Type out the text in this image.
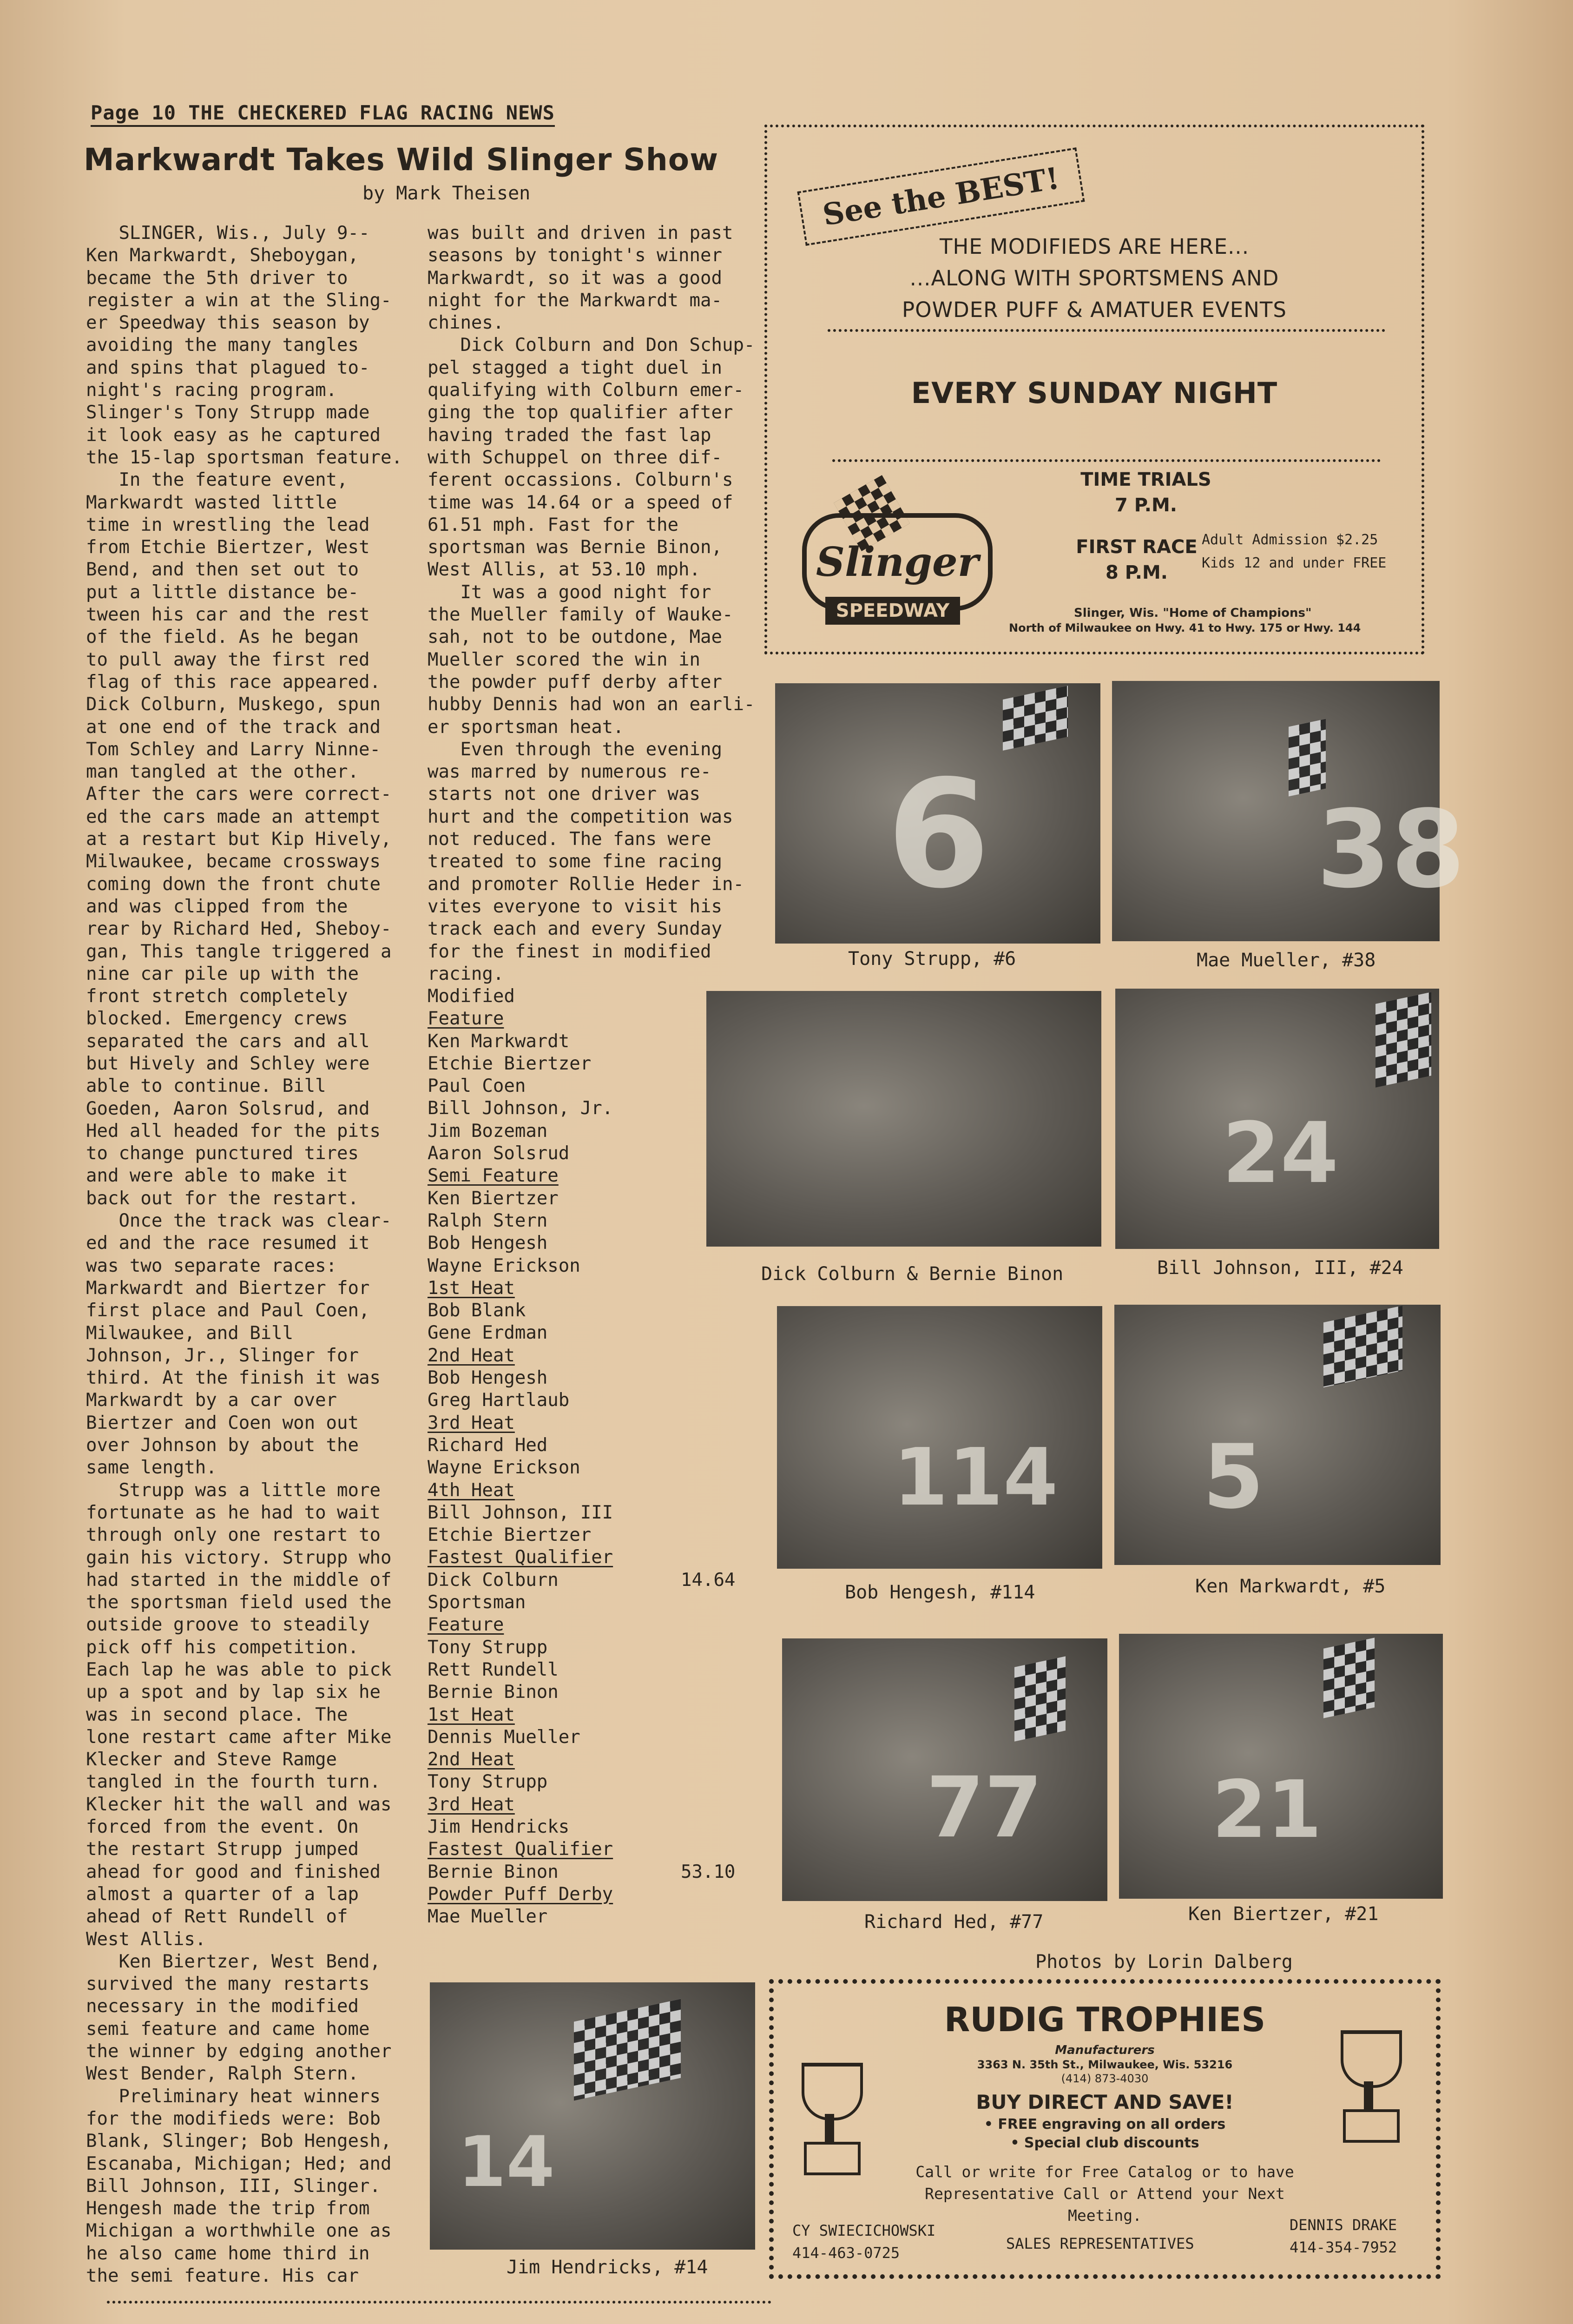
Page 10 THE CHECKERED FLAG RACING NEWS
Markwardt Takes Wild Slinger Show
by Mark Theisen
SLINGER, Wis., July 9--
Ken Markwardt, Sheboygan,
became the 5th driver to
register a win at the Sling-
er Speedway this season by
avoiding the many tangles
and spins that plagued to-
night's racing program.
Slinger's Tony Strupp made
it look easy as he captured
the 15-lap sportsman feature.
In the feature event,
Markwardt wasted little
time in wrestling the lead
from Etchie Biertzer, West
Bend, and then set out to
put a little distance be-
tween his car and the rest
of the field. As he began
to pull away the first red
flag of this race appeared.
Dick Colburn, Muskego, spun
at one end of the track and
Tom Schley and Larry Ninne-
man tangled at the other.
After the cars were correct-
ed the cars made an attempt
at a restart but Kip Hively,
Milwaukee, became crossways
coming down the front chute
and was clipped from the
rear by Richard Hed, Sheboy-
gan, This tangle triggered a
nine car pile up with the
front stretch completely
blocked. Emergency crews
separated the cars and all
but Hively and Schley were
able to continue. Bill
Goeden, Aaron Solsrud, and
Hed all headed for the pits
to change punctured tires
and were able to make it
back out for the restart.
Once the track was clear-
ed and the race resumed it
was two separate races:
Markwardt and Biertzer for
first place and Paul Coen,
Milwaukee, and Bill
Johnson, Jr., Slinger for
third. At the finish it was
Markwardt by a car over
Biertzer and Coen won out
over Johnson by about the
same length.
Strupp was a little more
fortunate as he had to wait
through only one restart to
gain his victory. Strupp who
had started in the middle of
the sportsman field used the
outside groove to steadily
pick off his competition.
Each lap he was able to pick
up a spot and by lap six he
was in second place. The
lone restart came after Mike
Klecker and Steve Ramge
tangled in the fourth turn.
Klecker hit the wall and was
forced from the event. On
the restart Strupp jumped
ahead for good and finished
almost a quarter of a lap
ahead of Rett Rundell of
West Allis.
Ken Biertzer, West Bend,
survived the many restarts
necessary in the modified
semi feature and came home
the winner by edging another
West Bender, Ralph Stern.
Preliminary heat winners
for the modifieds were: Bob
Blank, Slinger; Bob Hengesh,
Escanaba, Michigan; Hed; and
Bill Johnson, III, Slinger.
Hengesh made the trip from
Michigan a worthwhile one as
he also came home third in
the semi feature. His car
was built and driven in past
seasons by tonight's winner
Markwardt, so it was a good
night for the Markwardt ma-
chines.
Dick Colburn and Don Schup-
pel stagged a tight duel in
qualifying with Colburn emer-
ging the top qualifier after
having traded the fast lap
with Schuppel on three dif-
ferent occassions. Colburn's
time was 14.64 or a speed of
61.51 mph. Fast for the
sportsman was Bernie Binon,
West Allis, at 53.10 mph.
It was a good night for
the Mueller family of Wauke-
sah, not to be outdone, Mae
Mueller scored the win in
the powder puff derby after
hubby Dennis had won an earli-
er sportsman heat.
Even through the evening
was marred by numerous re-
starts not one driver was
hurt and the competition was
not reduced. The fans were
treated to some fine racing
and promoter Rollie Heder in-
vites everyone to visit his
track each and every Sunday
for the finest in modified
racing.
Modified
Feature
Ken Markwardt
Etchie Biertzer
Paul Coen
Bill Johnson, Jr.
Jim Bozeman
Aaron Solsrud
Semi Feature
Ken Biertzer
Ralph Stern
Bob Hengesh
Wayne Erickson
1st Heat
Bob Blank
Gene Erdman
2nd Heat
Bob Hengesh
Greg Hartlaub
3rd Heat
Richard Hed
Wayne Erickson
4th Heat
Bill Johnson, III
Etchie Biertzer
Fastest Qualifier
Dick Colburn	14.64
Sportsman
Feature
Tony Strupp
Rett Rundell
Bernie Binon
1st Heat
Dennis Mueller
2nd Heat
Tony Strupp
3rd Heat
Jim Hendricks
Fastest Qualifier
Bernie Binon	53.10
Powder Puff Derby
Mae Mueller
See the BEST!
THE MODIFIEDS ARE HERE...
...ALONG WITH SPORTSMENS AND
POWDER PUFF & AMATUER EVENTS
EVERY SUNDAY NIGHT
Slinger
SPEEDWAY
TIME TRIALS
7 P.M.
FIRST RACE
8 P.M.
Adult Admission $2.25
Kids 12 and under FREE
Slinger, Wis. "Home of Champions"
North of Milwaukee on Hwy. 41 to Hwy. 175 or Hwy. 144
6
Tony Strupp, #6
38
Mae Mueller, #38
Dick Colburn & Bernie Binon
24
Bill Johnson, III, #24
114
Bob Hengesh, #114
5
Ken Markwardt, #5
77
Richard Hed, #77
21
Ken Biertzer, #21
Photos by Lorin Dalberg
14
Jim Hendricks, #14
RUDIG TROPHIES
Manufacturers
3363 N. 35th St., Milwaukee, Wis. 53216
(414) 873-4030
BUY DIRECT AND SAVE!
• FREE engraving on all orders
• Special club discounts
Call or write for Free Catalog or to have
Representative Call or Attend your Next
Meeting.
CY SWIECICHOWSKI
414-463-0725
SALES REPRESENTATIVES
DENNIS DRAKE
414-354-7952
